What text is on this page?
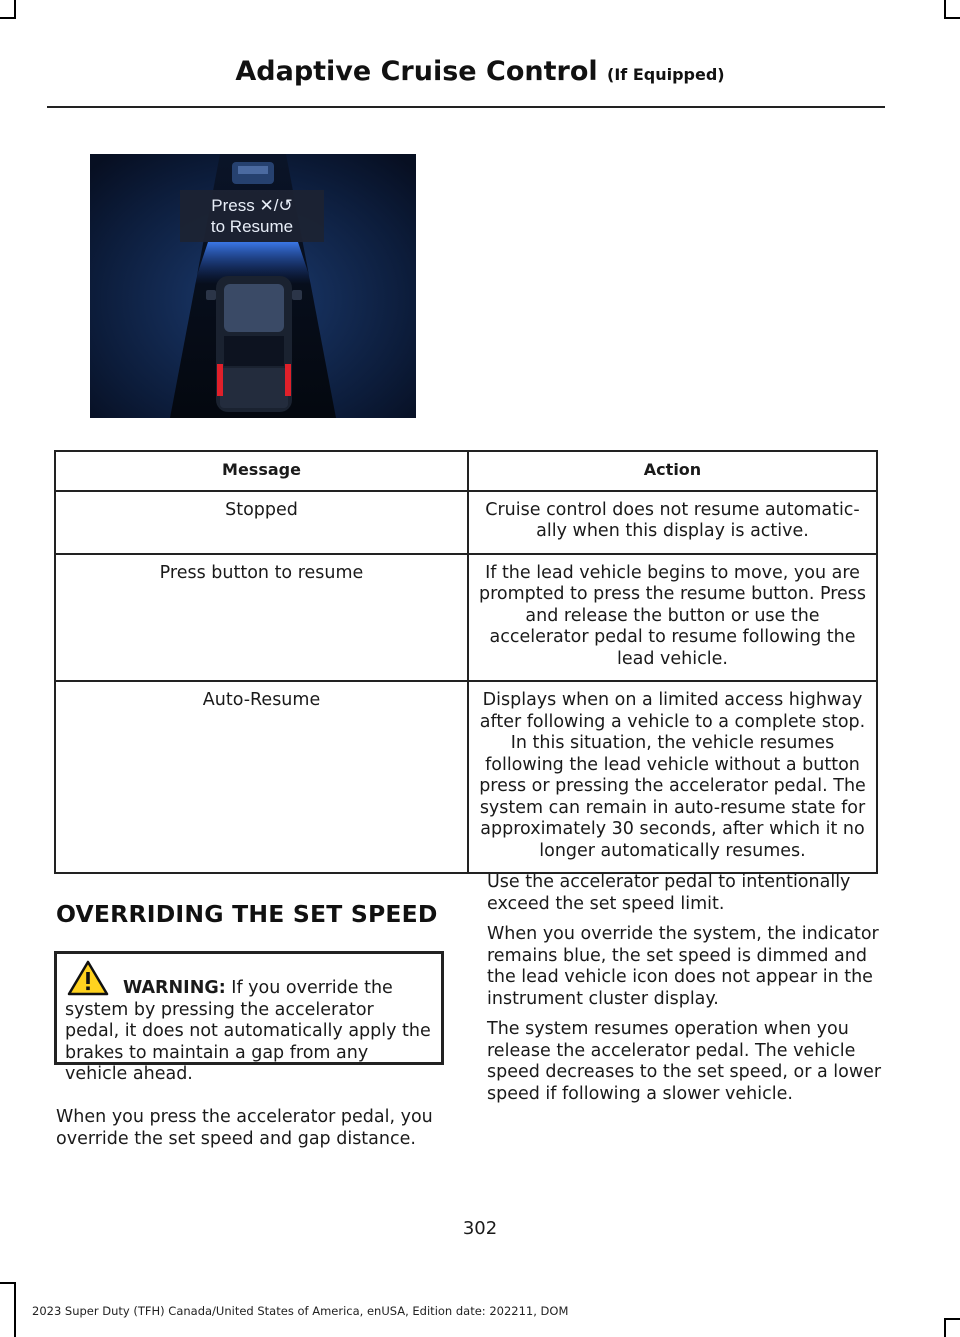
Adaptive Cruise Control (If Equipped)
Press ✕/↺
to Resume
Message	Action
Stopped	Cruise control does not resume automatic-ally when this display is active.
Press button to resume	If the lead vehicle begins to move, you are prompted to press the resume button. Press and release the button or use the accelerator pedal to resume following the lead vehicle.
Auto-Resume	Displays when on a limited access highway after following a vehicle to a complete stop. In this situation, the vehicle resumes following the lead vehicle without a button press or pressing the accelerator pedal. The system can remain in auto-resume state for approximately 30 seconds, after which it no longer automatically resumes.
OVERRIDING THE SET SPEED
WARNING: If you override the system by pressing the accelerator pedal, it does not automatically apply the brakes to maintain a gap from any vehicle ahead.
When you press the accelerator pedal, you override the set speed and gap distance.
Use the accelerator pedal to intentionally exceed the set speed limit.
When you override the system, the indicator remains blue, the set speed is dimmed and the lead vehicle icon does not appear in the instrument cluster display.
The system resumes operation when you release the accelerator pedal. The vehicle speed decreases to the set speed, or a lower speed if following a slower vehicle.
302
2023 Super Duty (TFH) Canada/United States of America, enUSA, Edition date: 202211, DOM
